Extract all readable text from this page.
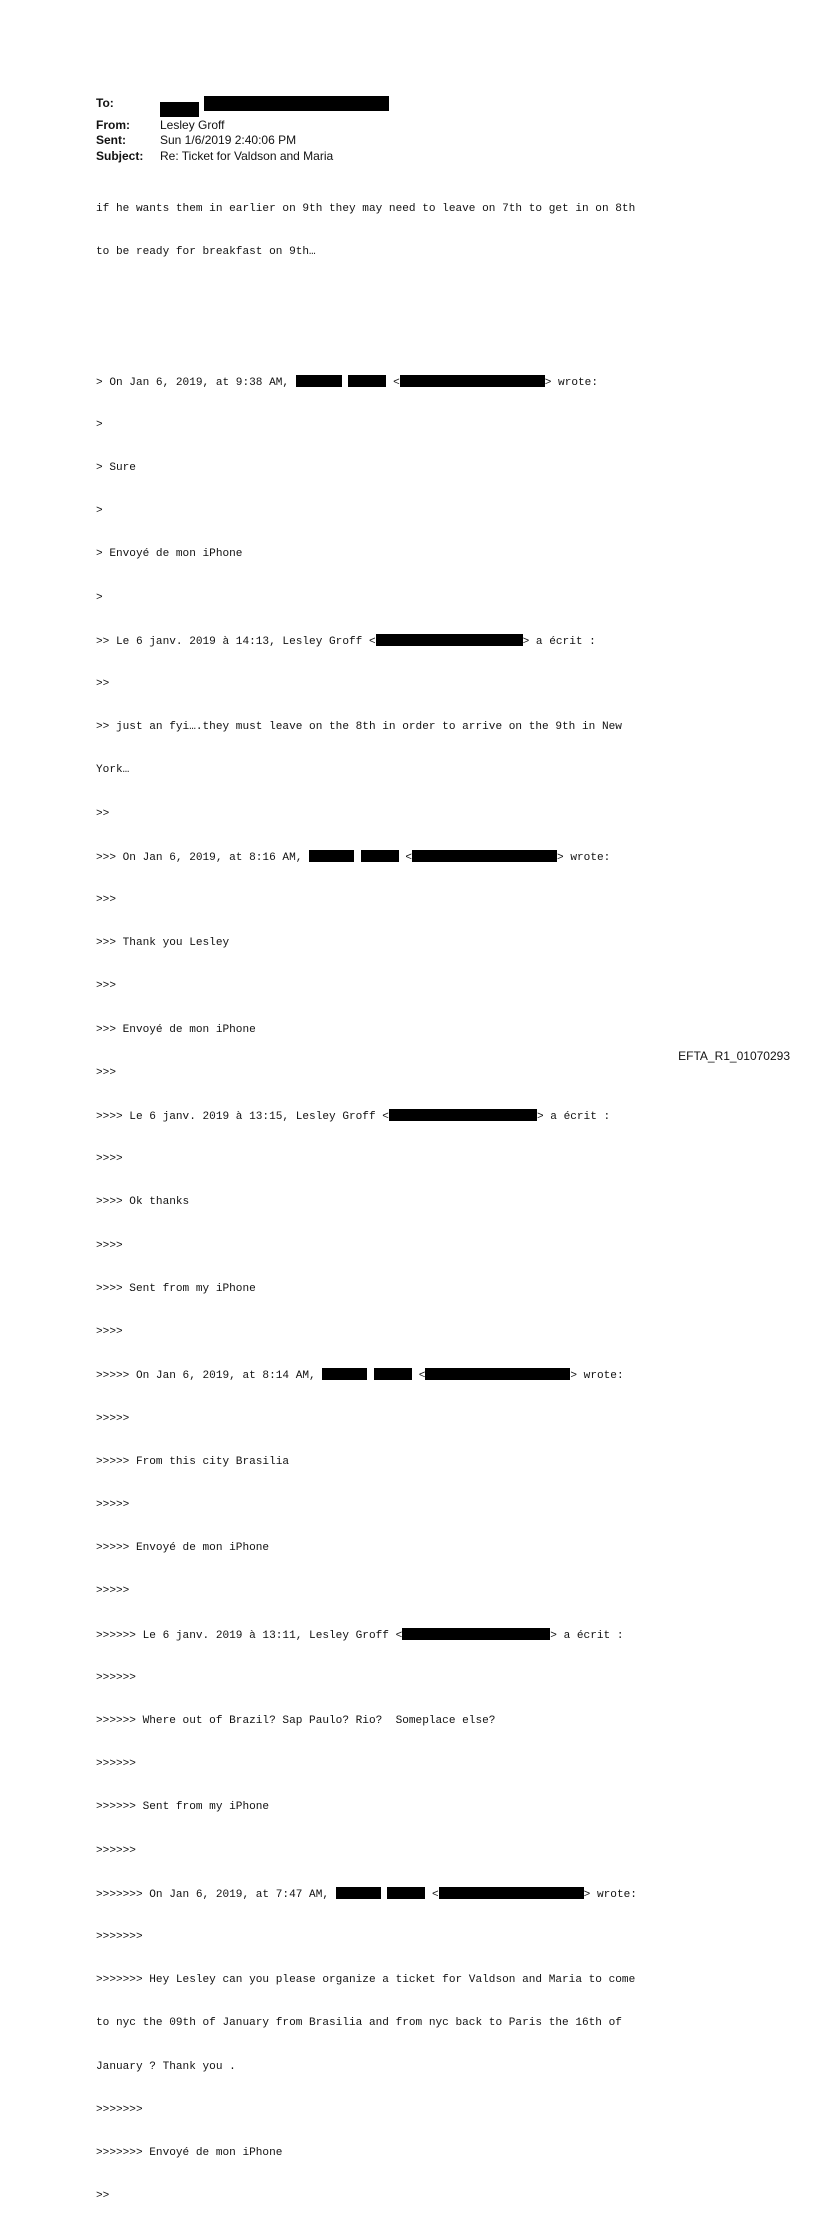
To:

From:	Lesley Groff
Sent:	Sun 1/6/2019 2:40:06 PM
Subject:	Re: Ticket for Valdson and Maria

if he wants them in earlier on 9th they may need to leave on 7th to get in on 8th

to be ready for breakfast on 9th…

> On Jan 6, 2019, at 9:38 AM,	<	> wrote:

>

> Sure

>

> Envoyé de mon iPhone

>

>> Le 6 janv. 2019 à 14:13, Lesley Groff <	> a écrit :

>>

>> just an fyi….they must leave on the 8th in order to arrive on the 9th in New

York…

>>

>>> On Jan 6, 2019, at 8:16 AM,	<	> wrote:

>>>

>>> Thank you Lesley

>>>

>>> Envoyé de mon iPhone

>>>

>>>> Le 6 janv. 2019 à 13:15, Lesley Groff <	> a écrit :

>>>>

>>>> Ok thanks

>>>>

>>>> Sent from my iPhone

>>>>

>>>>> On Jan 6, 2019, at 8:14 AM,	<	> wrote:

>>>>>

>>>>> From this city Brasilia

>>>>>

>>>>> Envoyé de mon iPhone

>>>>>

>>>>>> Le 6 janv. 2019 à 13:11, Lesley Groff <	> a écrit :

>>>>>>

>>>>>> Where out of Brazil? Sap Paulo? Rio?  Someplace else?

>>>>>>

>>>>>> Sent from my iPhone

>>>>>>

>>>>>>> On Jan 6, 2019, at 7:47 AM,	<	> wrote:

>>>>>>>

>>>>>>> Hey Lesley can you please organize a ticket for Valdson and Maria to come

to nyc the 09th of January from Brasilia and from nyc back to Paris the 16th of

January ? Thank you .

>>>>>>>

>>>>>>> Envoyé de mon iPhone

>>

EFTA_R1_01070293
